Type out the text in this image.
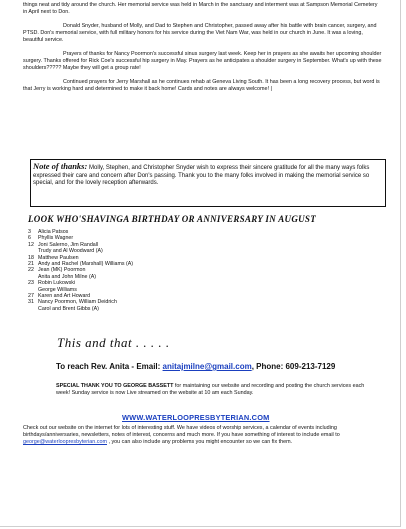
things neat and tidy around the church. Her memorial service was held in March in the sanctuary and interment was at Sampson Memorial Cemetery in April next to Don.

Donald Snyder, husband of Molly, and Dad to Stephen and Christopher, passed away after his battle with brain cancer, surgery, and PTSD. Don's memorial service, with full military honors for his service during the Viet Nam War, was held in our church in June. It was a loving, beautiful service.

Prayers of thanks for Nancy Poormon's successful sinus surgery last week. Keep her in prayers as she awaits her upcoming shoulder surgery. Thanks offered for Rick Coe's successful hip surgery in May. Prayers as he anticipates a shoulder surgery in September. What's up with these shoulders????? Maybe they will get a group rate!

Continued prayers for Jerry Marshall as he continues rehab at Geneva Living South. It has been a long recovery process, but word is that Jerry is working hard and determined to make it back home! Cards and notes are always welcome! |

Note of thanks: Molly, Stephen, and Christopher Snyder wish to express their sincere gratitude for all the many ways folks expressed their care and concern after Don's passing. Thank you to the many folks involved in making the memorial service so special, and for the lovely reception afterwards.
LOOK WHO'SHAVINGA BIRTHDAY OR ANNIVERSARY IN AUGUST
3	Alicia Patsos
6	Phyllis Wagner
12 Joni Salerno, Jim Randall
Trudy and Al Woodward (A)
18 Matthew Paulsen
21 Andy and Rachel (Marshall) Williams (A)
22 Jean (MK) Poormon
Anita and John Milne (A)
23 Robin Lukowski
George Williams
27 Karen and Art Howard
31 Nancy Poormon, William Deidrich
Carol and Brent Gibbs (A)
This and that . . . . .
To reach Rev. Anita - Email: anitajmilne@gmail.com, Phone: 609-213-7129
SPECIAL THANK YOU TO GEORGE BASSETT for maintaining our website and recording and posting the church services each week! Sunday service is now Live streamed on the website at 10 am each Sunday.
WWW.WATERLOOPRESBYTERIAN.COM
Check out our website on the internet for lots of interesting stuff. We have videos of worship services, a calendar of events including birthdays/anniversaries, newsletters, notes of interest, concerns and much more. If you have something of interest to include email to george@waterloopresbyterian.com , you can also include any problems you might encounter so we can fix them.
